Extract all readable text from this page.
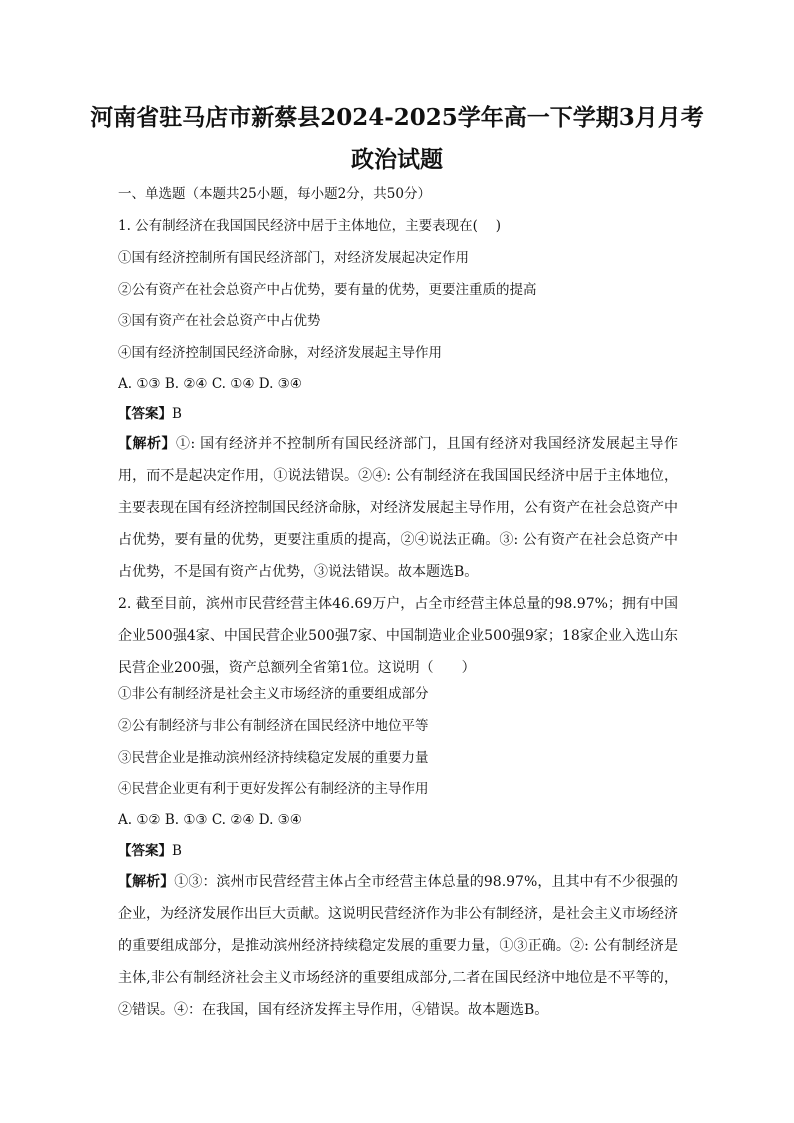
河南省驻马店市新蔡县2024-2025学年高一下学期3月月考
政治试题
一、单选题（本题共25小题，每小题2分，共50分）
1. 公有制经济在我国国民经济中居于主体地位，主要表现在(　 )
①国有经济控制所有国民经济部门，对经济发展起决定作用
②公有资产在社会总资产中占优势，要有量的优势，更要注重质的提高
③国有资产在社会总资产中占优势
④国有经济控制国民经济命脉，对经济发展起主导作用
A. ①③ B. ②④ C. ①④ D. ③④
【答案】B
【解析】①: 国有经济并不控制所有国民经济部门，且国有经济对我国经济发展起主导作用，而不是起决定作用，①说法错误。②④: 公有制经济在我国国民经济中居于主体地位，主要表现在国有经济控制国民经济命脉，对经济发展起主导作用，公有资产在社会总资产中占优势，要有量的优势，更要注重质的提高，②④说法正确。③: 公有资产在社会总资产中占优势，不是国有资产占优势，③说法错误。故本题选B。
2. 截至目前，滨州市民营经营主体46.69万户，占全市经营主体总量的98.97%；拥有中国企业500强4家、中国民营企业500强7家、中国制造业企业500强9家；18家企业入选山东民营企业200强，资产总额列全省第1位。这说明（　　）
①非公有制经济是社会主义市场经济的重要组成部分
②公有制经济与非公有制经济在国民经济中地位平等
③民营企业是推动滨州经济持续稳定发展的重要力量
④民营企业更有利于更好发挥公有制经济的主导作用
A. ①② B. ①③ C. ②④ D. ③④
【答案】B
【解析】①③：滨州市民营经营主体占全市经营主体总量的98.97%，且其中有不少很强的企业，为经济发展作出巨大贡献。这说明民营经济作为非公有制经济，是社会主义市场经济的重要组成部分，是推动滨州经济持续稳定发展的重要力量，①③正确。②: 公有制经济是主体,非公有制经济社会主义市场经济的重要组成部分,二者在国民经济中地位是不平等的，②错误。④：在我国，国有经济发挥主导作用，④错误。故本题选B。
